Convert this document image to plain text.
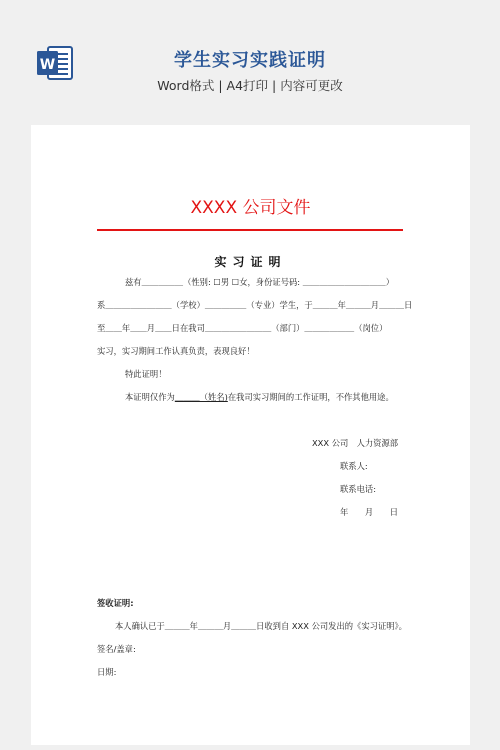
W	学生实习实践证明
Word格式 | A4打印 | 内容可更改
XXXX 公司文件
实习证明
兹有＿＿＿＿＿（性别: ☐男 ☐女，身份证号码: ＿＿＿＿＿＿＿＿＿＿）
系＿＿＿＿＿＿＿＿（学校）＿＿＿＿＿（专业）学生，于＿＿＿年＿＿＿月＿＿＿日
至＿＿年＿＿月＿＿日在我司＿＿＿＿＿＿＿＿（部门）＿＿＿＿＿＿（岗位）
实习，实习期间工作认真负责，表现良好！
特此证明！
本证明仅作为＿＿＿（姓名)在我司实习期间的工作证明，不作其他用途。
XXX 公司　人力资源部
联系人:
联系电话:
年　　月　　日
签收证明:
本人确认已于＿＿＿年＿＿＿月＿＿＿日收到自 XXX 公司发出的《实习证明》。
签名/盖章:
日期:
